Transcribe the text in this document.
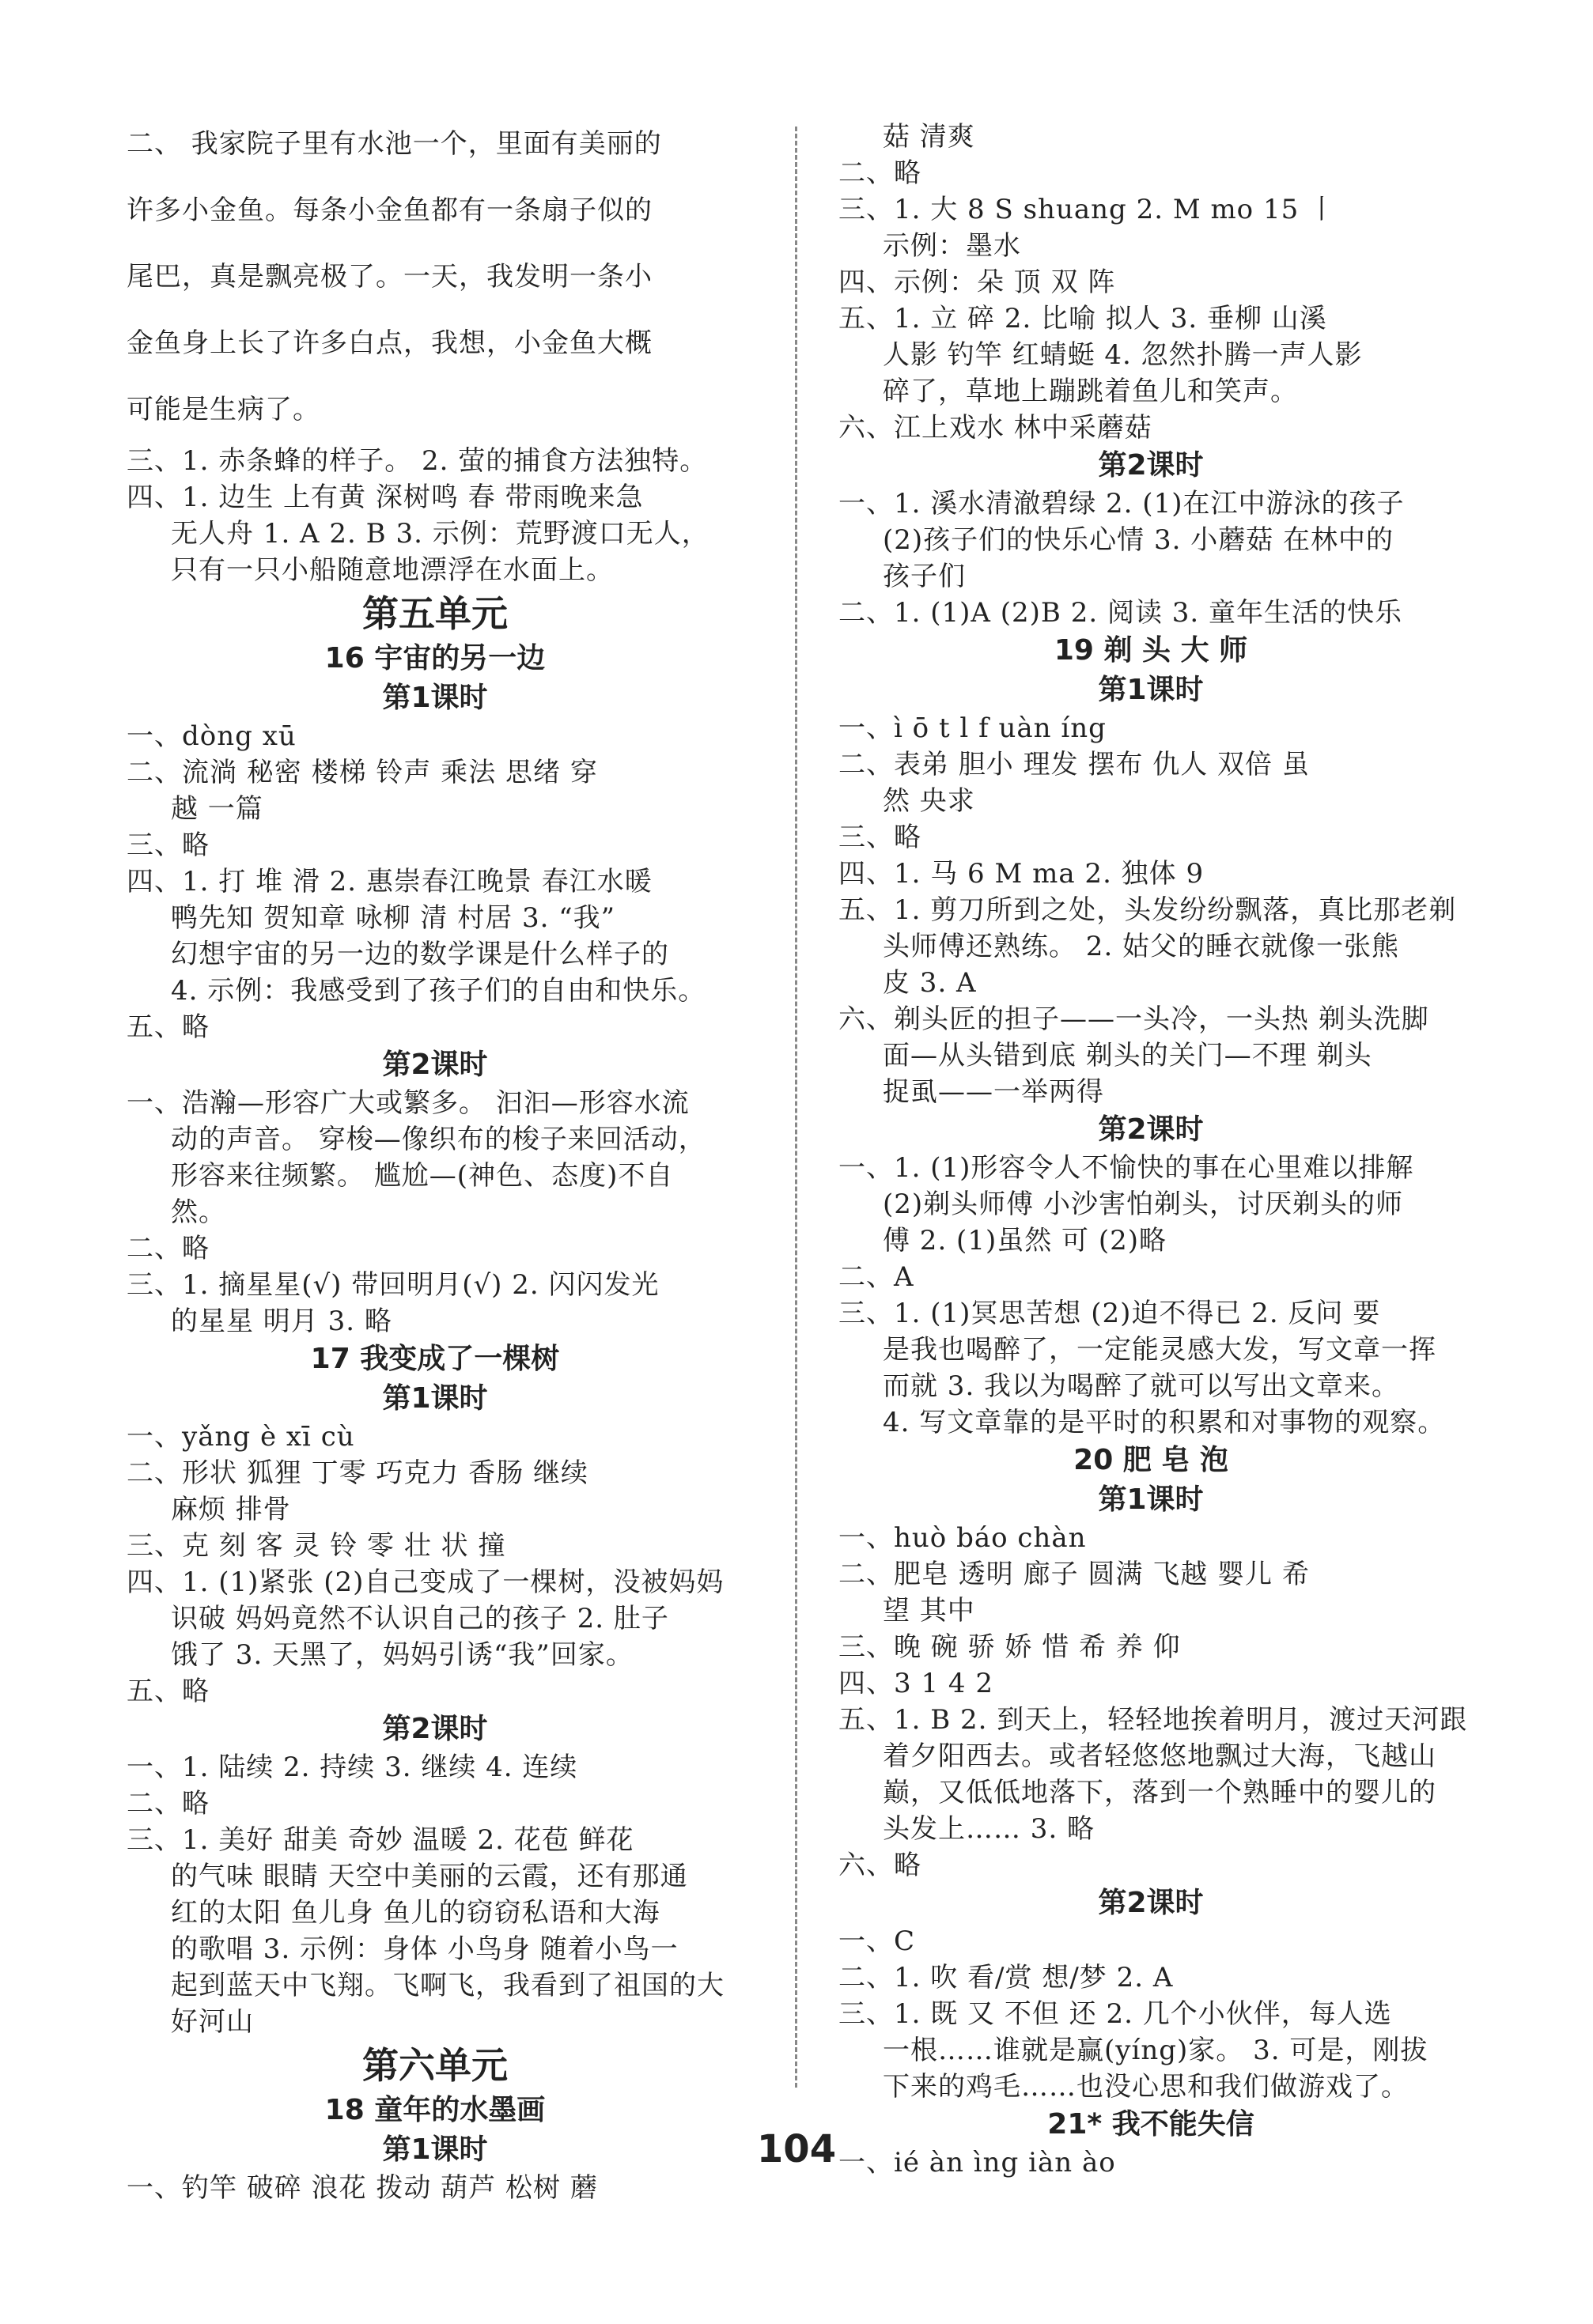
二、 我家院子里有水池一个，里面有美丽的
许多小金鱼。每条小金鱼都有一条扇子似的
尾巴，真是飘亮极了。一天，我发明一条小
金鱼身上长了许多白点，我想，小金鱼大概
可能是生病了。
三、1. 赤条蜂的样子。 2. 萤的捕食方法独特。
四、1. 边生 上有黄 深树鸣 春 带雨晚来急
无人舟 1. A 2. B 3. 示例：荒野渡口无人，
只有一只小船随意地漂浮在水面上。
第五单元
16 宇宙的另一边
第1课时
一、dòng xū
二、流淌 秘密 楼梯 铃声 乘法 思绪 穿
越 一篇
三、略
四、1. 打 堆 滑 2. 惠崇春江晚景 春江水暖
鸭先知 贺知章 咏柳 清 村居 3. “我”
幻想宇宙的另一边的数学课是什么样子的
4. 示例：我感受到了孩子们的自由和快乐。
五、略
第2课时
一、浩瀚—形容广大或繁多。 汩汩—形容水流
动的声音。 穿梭—像织布的梭子来回活动，
形容来往频繁。 尴尬—(神色、态度)不自
然。
二、略
三、1. 摘星星(√) 带回明月(√) 2. 闪闪发光
的星星 明月 3. 略
17 我变成了一棵树
第1课时
一、yǎng è xī cù
二、形状 狐狸 丁零 巧克力 香肠 继续
麻烦 排骨
三、克 刻 客 灵 铃 零 壮 状 撞
四、1. (1)紧张 (2)自己变成了一棵树，没被妈妈
识破 妈妈竟然不认识自己的孩子 2. 肚子
饿了 3. 天黑了，妈妈引诱“我”回家。
五、略
第2课时
一、1. 陆续 2. 持续 3. 继续 4. 连续
二、略
三、1. 美好 甜美 奇妙 温暖 2. 花苞 鲜花
的气味 眼睛 天空中美丽的云霞，还有那通
红的太阳 鱼儿身 鱼儿的窃窃私语和大海
的歌唱 3. 示例：身体 小鸟身 随着小鸟一
起到蓝天中飞翔。飞啊飞，我看到了祖国的大
好河山
第六单元
18 童年的水墨画
第1课时
一、钓竿 破碎 浪花 拨动 葫芦 松树 蘑
菇 清爽
二、略
三、1. 大 8 S shuang 2. M mo 15 丨
示例：墨水
四、示例：朵 顶 双 阵
五、1. 立 碎 2. 比喻 拟人 3. 垂柳 山溪
人影 钓竿 红蜻蜓 4. 忽然扑腾一声人影
碎了，草地上蹦跳着鱼儿和笑声。
六、江上戏水 林中采蘑菇
第2课时
一、1. 溪水清澈碧绿 2. (1)在江中游泳的孩子
(2)孩子们的快乐心情 3. 小蘑菇 在林中的
孩子们
二、1. (1)A (2)B 2. 阅读 3. 童年生活的快乐
19 剃 头 大 师
第1课时
一、ì ō t l f uàn íng
二、表弟 胆小 理发 摆布 仇人 双倍 虽
然 央求
三、略
四、1. 马 6 M ma 2. 独体 9
五、1. 剪刀所到之处，头发纷纷飘落，真比那老剃
头师傅还熟练。 2. 姑父的睡衣就像一张熊
皮 3. A
六、剃头匠的担子——一头冷，一头热 剃头洗脚
面—从头错到底 剃头的关门—不理 剃头
捉虱——一举两得
第2课时
一、1. (1)形容令人不愉快的事在心里难以排解
(2)剃头师傅 小沙害怕剃头，讨厌剃头的师
傅 2. (1)虽然 可 (2)略
二、A
三、1. (1)冥思苦想 (2)迫不得已 2. 反问 要
是我也喝醉了，一定能灵感大发，写文章一挥
而就 3. 我以为喝醉了就可以写出文章来。
4. 写文章靠的是平时的积累和对事物的观察。
20 肥 皂 泡
第1课时
一、huò báo chàn
二、肥皂 透明 廊子 圆满 飞越 婴儿 希
望 其中
三、晚 碗 骄 娇 惜 希 养 仰
四、3 1 4 2
五、1. B 2. 到天上，轻轻地挨着明月，渡过天河跟
着夕阳西去。或者轻悠悠地飘过大海，飞越山
巅，又低低地落下，落到一个熟睡中的婴儿的
头发上…… 3. 略
六、略
第2课时
一、C
二、1. 吹 看/赏 想/梦 2. A
三、1. 既 又 不但 还 2. 几个小伙伴，每人选
一根……谁就是赢(yíng)家。 3. 可是，刚拔
下来的鸡毛……也没心思和我们做游戏了。
21* 我不能失信
一、ié àn ìng iàn ào
104
